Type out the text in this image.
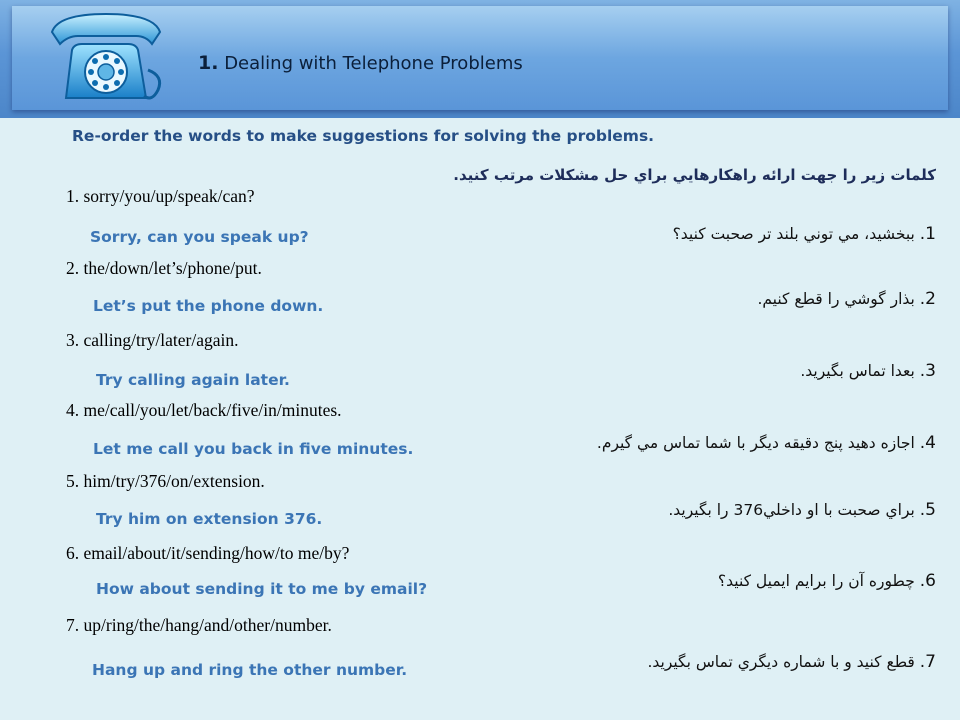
1. Dealing with Telephone Problems
Re-order the words to make suggestions for solving the problems.
كلمات زير را جهت ارائه راهكارهايي براي حل مشكلات مرتب كنيد.
1. sorry/you/up/speak/can?
Sorry, can you speak up?	1. ببخشيد، مي توني بلند تر صحبت كنيد؟
2. the/down/let’s/phone/put.
Let’s put the phone down.	2. بذار گوشي را قطع كنيم.
3. calling/try/later/again.
Try calling again later.	3. بعدا تماس بگيريد.
4. me/call/you/let/back/five/in/minutes.
Let me call you back in five minutes.	4. اجازه دهيد پنج دقيقه ديگر با شما تماس مي گيرم.
5. him/try/376/on/extension.
Try him on extension 376.	5. براي صحبت با او داخلي376 را بگيريد.
6. email/about/it/sending/how/to me/by?
How about sending it to me by email?	6. چطوره آن را برايم ايميل كنيد؟
7. up/ring/the/hang/and/other/number.
Hang up and ring the other number.	7. قطع كنيد و با شماره ديگري تماس بگيريد.
